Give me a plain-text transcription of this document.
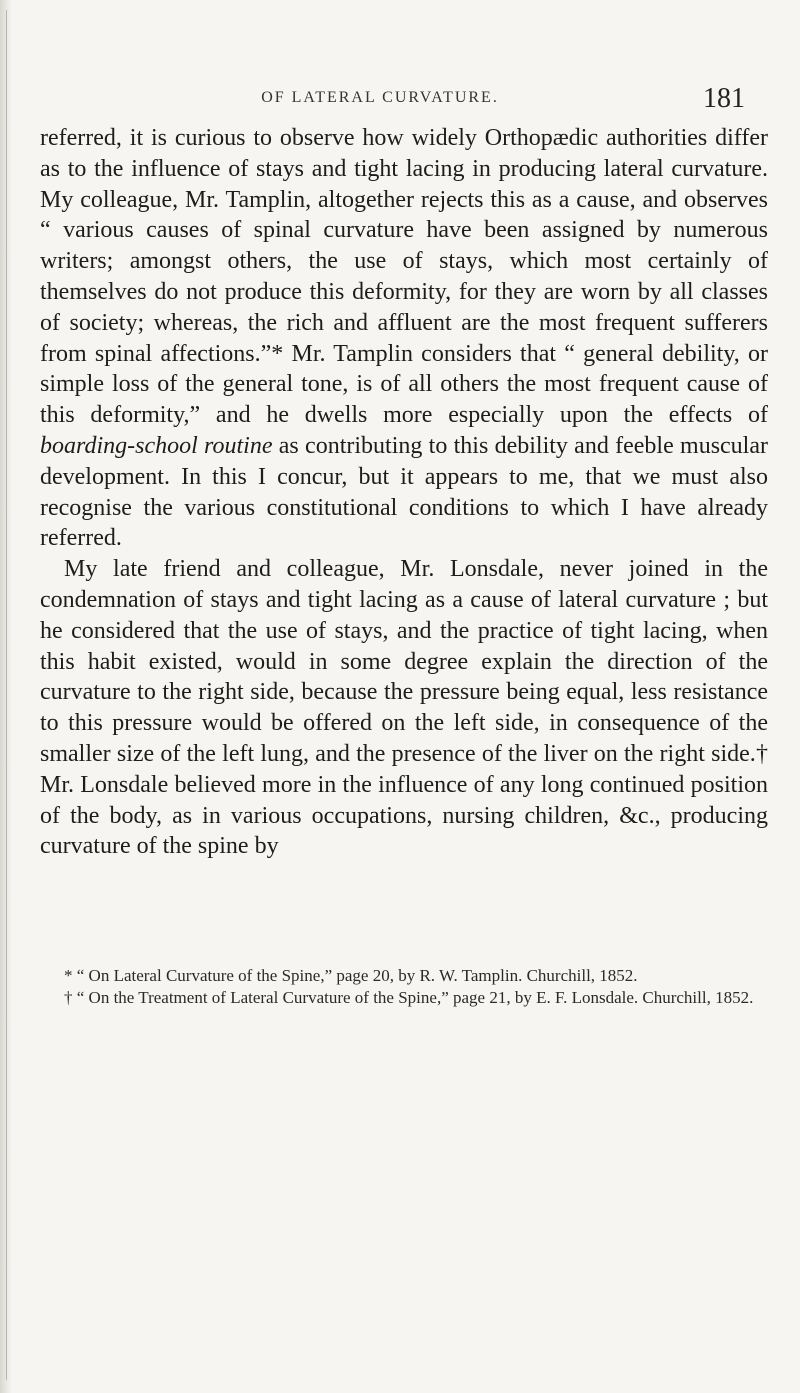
OF LATERAL CURVATURE.	181

referred, it is curious to observe how widely Orthopædic authorities differ as to the influence of stays and tight lacing in producing lateral curvature. My colleague, Mr. Tamplin, altogether rejects this as a cause, and observes “ various causes of spinal curvature have been assigned by numerous writers; amongst others, the use of stays, which most certainly of themselves do not produce this deformity, for they are worn by all classes of society; whereas, the rich and affluent are the most frequent sufferers from spinal affections.”* Mr. Tamplin considers that “ general debility, or simple loss of the general tone, is of all others the most frequent cause of this deformity,” and he dwells more especially upon the effects of boarding-school routine as contributing to this debility and feeble muscular development. In this I concur, but it appears to me, that we must also recognise the various constitutional conditions to which I have already referred.

My late friend and colleague, Mr. Lonsdale, never joined in the condemnation of stays and tight lacing as a cause of lateral curvature ; but he considered that the use of stays, and the practice of tight lacing, when this habit existed, would in some degree explain the direction of the curvature to the right side, because the pressure being equal, less resistance to this pressure would be offered on the left side, in consequence of the smaller size of the left lung, and the presence of the liver on the right side.† Mr. Lonsdale believed more in the influence of any long continued position of the body, as in various occupations, nursing children, &c., producing curvature of the spine by

* “ On Lateral Curvature of the Spine,” page 20, by R. W. Tamplin. Churchill, 1852.

† “ On the Treatment of Lateral Curvature of the Spine,” page 21, by E. F. Lonsdale. Churchill, 1852.
